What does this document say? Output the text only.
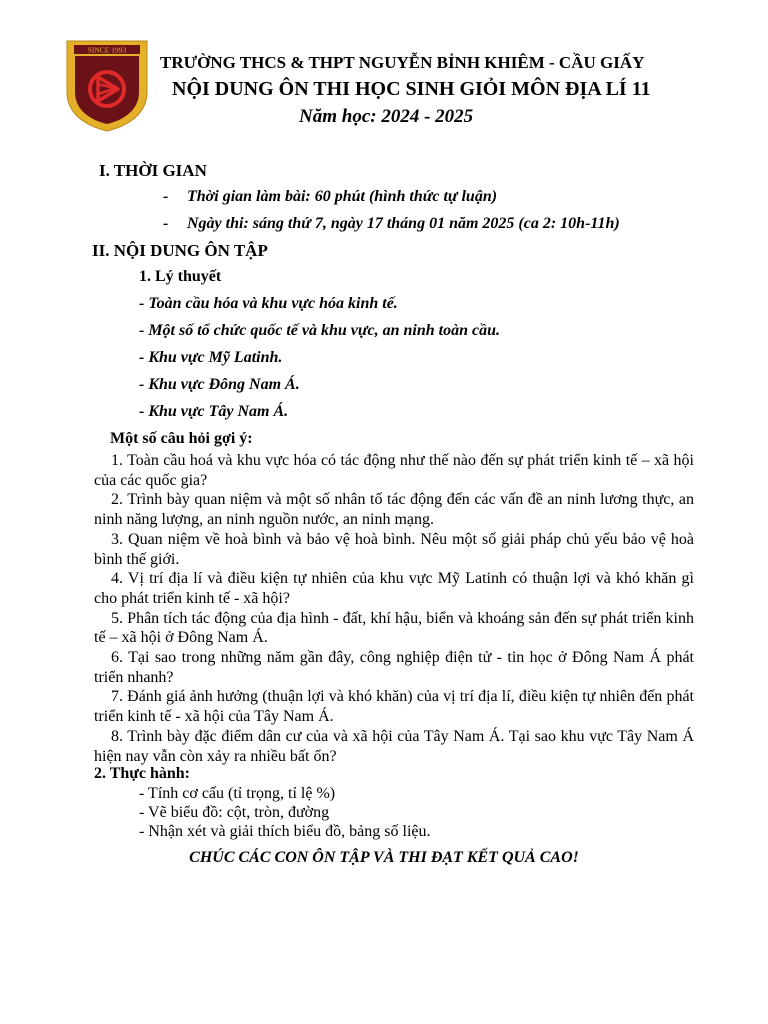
SINCE 1993
TRƯỜNG THCS & THPT NGUYỄN BỈNH KHIÊM - CẦU GIẤY
NỘI DUNG ÔN THI HỌC SINH GIỎI MÔN ĐỊA LÍ 11
Năm học: 2024 - 2025
I. THỜI GIAN
- Thời gian làm bài: 60 phút (hình thức tự luận)
- Ngày thi: sáng thứ 7, ngày 17 tháng 01 năm 2025 (ca 2: 10h-11h)
II. NỘI DUNG ÔN TẬP
1. Lý thuyết
- Toàn cầu hóa và khu vực hóa kinh tế.
- Một số tổ chức quốc tế và khu vực, an ninh toàn cầu.
- Khu vực Mỹ Latinh.
- Khu vực Đông Nam Á.
- Khu vực Tây Nam Á.
Một số câu hỏi gợi ý:

1. Toàn cầu hoá và khu vực hóa có tác động như thế nào đến sự phát triển kinh tế – xã hội của các quốc gia?

2. Trình bày quan niệm và một số nhân tố tác động đến các vấn đề an ninh lương thực, an ninh năng lượng, an ninh nguồn nước, an ninh mạng.

3. Quan niệm về hoà bình và bảo vệ hoà bình. Nêu một số giải pháp chủ yếu bảo vệ hoà bình thế giới.

4. Vị trí địa lí và điều kiện tự nhiên của khu vực Mỹ Latinh có thuận lợi và khó khăn gì cho phát triển kinh tế - xã hội?

5. Phân tích tác động của địa hình - đất, khí hậu, biển và khoáng sản đến sự phát triển kinh tế – xã hội ở Đông Nam Á.

6. Tại sao trong những năm gần đây, công nghiệp điện tử - tin học ở Đông Nam Á phát triển nhanh?

7. Đánh giá ảnh hưởng (thuận lợi và khó khăn) của vị trí địa lí, điều kiện tự nhiên đến phát triển kinh tế - xã hội của Tây Nam Á.

8. Trình bày đặc điểm dân cư của và xã hội của Tây Nam Á. Tại sao khu vực Tây Nam Á hiện nay vẫn còn xảy ra nhiều bất ổn?

2. Thực hành:
- Tính cơ cấu (tỉ trọng, tỉ lệ %)
- Vẽ biểu đồ: cột, tròn, đường
- Nhận xét và giải thích biểu đồ, bảng số liệu.
CHÚC CÁC CON ÔN TẬP VÀ THI ĐẠT KẾT QUẢ CAO!
